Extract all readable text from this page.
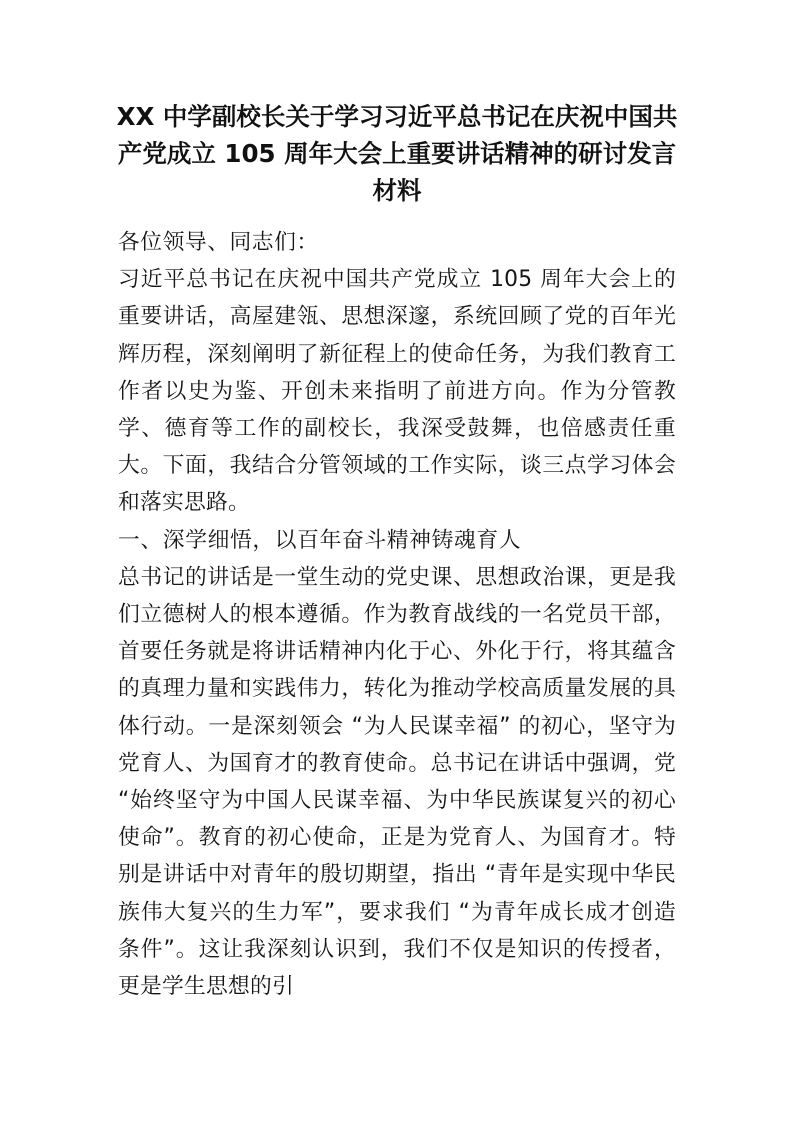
XX 中学副校长关于学习习近平总书记在庆祝中国共产党成立 105 周年大会上重要讲话精神的研讨发言材料

各位领导、同志们：

习近平总书记在庆祝中国共产党成立 105 周年大会上的重要讲话，高屋建瓴、思想深邃，系统回顾了党的百年光辉历程，深刻阐明了新征程上的使命任务，为我们教育工作者以史为鉴、开创未来指明了前进方向。作为分管教学、德育等工作的副校长，我深受鼓舞，也倍感责任重大。下面，我结合分管领域的工作实际，谈三点学习体会和落实思路。

一、深学细悟，以百年奋斗精神铸魂育人

总书记的讲话是一堂生动的党史课、思想政治课，更是我们立德树人的根本遵循。作为教育战线的一名党员干部，首要任务就是将讲话精神内化于心、外化于行，将其蕴含的真理力量和实践伟力，转化为推动学校高质量发展的具体行动。一是深刻领会 “为人民谋幸福” 的初心，坚守为党育人、为国育才的教育使命。总书记在讲话中强调，党 “始终坚守为中国人民谋幸福、为中华民族谋复兴的初心使命”。教育的初心使命，正是为党育人、为国育才。特别是讲话中对青年的殷切期望，指出 “青年是实现中华民族伟大复兴的生力军”，要求我们 “为青年成长成才创造条件”。这让我深刻认识到，我们不仅是知识的传授者，更是学生思想的引
